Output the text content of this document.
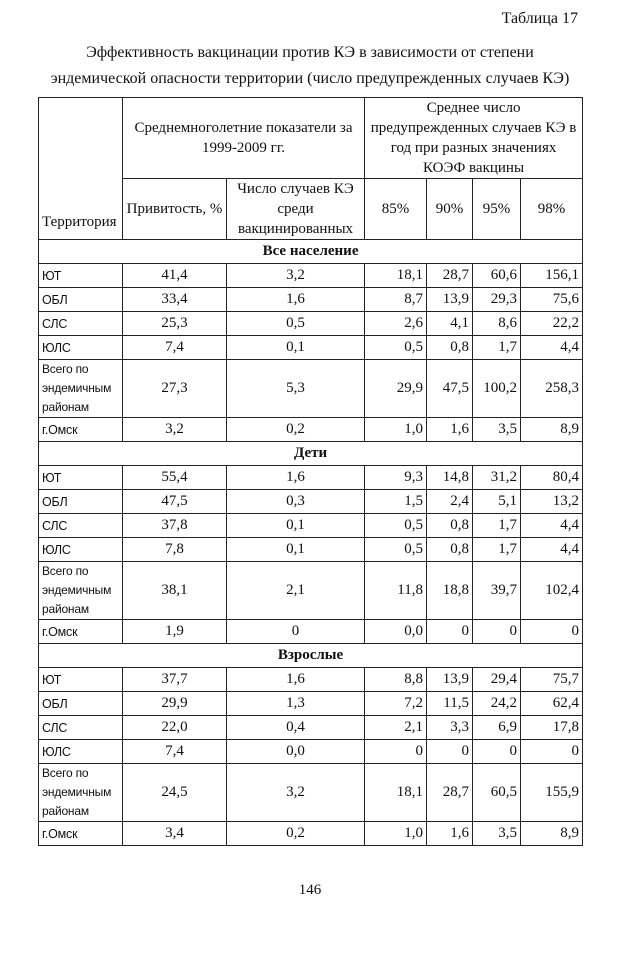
Таблица 17
Эффективность вакцинации против КЭ в зависимости от степени
эндемической опасности территории (число предупрежденных случаев КЭ)
Территория	Среднемноголетние показатели за 1999-2009 гг.		Среднее число предупрежденных случаев КЭ в год при разных значениях КОЭФ вакцины			
	Привитость, %	Число случаев КЭ среди вакцинированных	85%	90%	95%	98%
Все население						
ЮТ	41,4	3,2	18,1	28,7	60,6	156,1
ОБЛ	33,4	1,6	8,7	13,9	29,3	75,6
СЛС	25,3	0,5	2,6	4,1	8,6	22,2
ЮЛС	7,4	0,1	0,5	0,8	1,7	4,4
Всего по эндемичным районам	27,3	5,3	29,9	47,5	100,2	258,3
г.Омск	3,2	0,2	1,0	1,6	3,5	8,9
Дети						
ЮТ	55,4	1,6	9,3	14,8	31,2	80,4
ОБЛ	47,5	0,3	1,5	2,4	5,1	13,2
СЛС	37,8	0,1	0,5	0,8	1,7	4,4
ЮЛС	7,8	0,1	0,5	0,8	1,7	4,4
Всего по эндемичным районам	38,1	2,1	11,8	18,8	39,7	102,4
г.Омск	1,9	0	0,0	0	0	0
Взрослые						
ЮТ	37,7	1,6	8,8	13,9	29,4	75,7
ОБЛ	29,9	1,3	7,2	11,5	24,2	62,4
СЛС	22,0	0,4	2,1	3,3	6,9	17,8
ЮЛС	7,4	0,0	0	0	0	0
Всего по эндемичным районам	24,5	3,2	18,1	28,7	60,5	155,9
г.Омск	3,4	0,2	1,0	1,6	3,5	8,9
146
